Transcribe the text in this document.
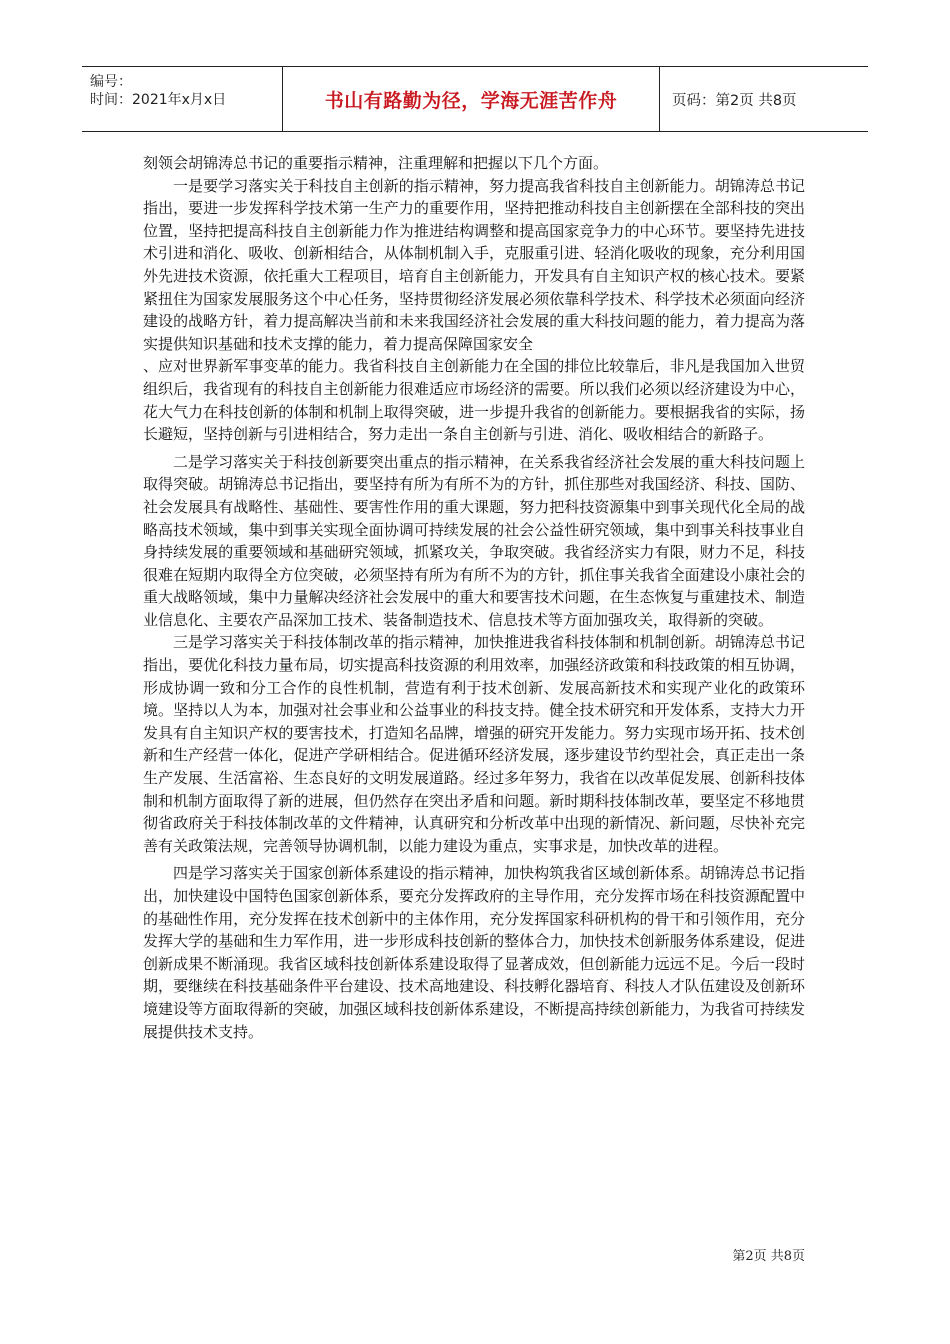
编号：
时间：2021年x月x日	书山有路勤为径，学海无涯苦作舟	页码：第2页 共8页

刻领会胡锦涛总书记的重要指示精神，注重理解和把握以下几个方面。

一是要学习落实关于科技自主创新的指示精神，努力提高我省科技自主创新能力。胡锦涛总书记指出，要进一步发挥科学技术第一生产力的重要作用，坚持把推动科技自主创新摆在全部科技的突出位置，坚持把提高科技自主创新能力作为推进结构调整和提高国家竞争力的中心环节。要坚持先进技术引进和消化、吸收、创新相结合，从体制机制入手，克服重引进、轻消化吸收的现象，充分利用国外先进技术资源，依托重大工程项目，培育自主创新能力，开发具有自主知识产权的核心技术。要紧紧扭住为国家发展服务这个中心任务，坚持贯彻经济发展必须依靠科学技术、科学技术必须面向经济建设的战略方针，着力提高解决当前和未来我国经济社会发展的重大科技问题的能力，着力提高为落实提供知识基础和技术支撑的能力，着力提高保障国家安全

、应对世界新军事变革的能力。我省科技自主创新能力在全国的排位比较靠后，非凡是我国加入世贸组织后，我省现有的科技自主创新能力很难适应市场经济的需要。所以我们必须以经济建设为中心，花大气力在科技创新的体制和机制上取得突破，进一步提升我省的创新能力。要根据我省的实际，扬长避短，坚持创新与引进相结合，努力走出一条自主创新与引进、消化、吸收相结合的新路子。

二是学习落实关于科技创新要突出重点的指示精神，在关系我省经济社会发展的重大科技问题上取得突破。胡锦涛总书记指出，要坚持有所为有所不为的方针，抓住那些对我国经济、科技、国防、社会发展具有战略性、基础性、要害性作用的重大课题，努力把科技资源集中到事关现代化全局的战略高技术领域，集中到事关实现全面协调可持续发展的社会公益性研究领域，集中到事关科技事业自身持续发展的重要领域和基础研究领域，抓紧攻关，争取突破。我省经济实力有限，财力不足，科技很难在短期内取得全方位突破，必须坚持有所为有所不为的方针，抓住事关我省全面建设小康社会的重大战略领域，集中力量解决经济社会发展中的重大和要害技术问题，在生态恢复与重建技术、制造业信息化、主要农产品深加工技术、装备制造技术、信息技术等方面加强攻关，取得新的突破。

三是学习落实关于科技体制改革的指示精神，加快推进我省科技体制和机制创新。胡锦涛总书记指出，要优化科技力量布局，切实提高科技资源的利用效率，加强经济政策和科技政策的相互协调，形成协调一致和分工合作的良性机制，营造有利于技术创新、发展高新技术和实现产业化的政策环境。坚持以人为本，加强对社会事业和公益事业的科技支持。健全技术研究和开发体系，支持大力开发具有自主知识产权的要害技术，打造知名品牌，增强的研究开发能力。努力实现市场开拓、技术创新和生产经营一体化，促进产学研相结合。促进循环经济发展，逐步建设节约型社会，真正走出一条生产发展、生活富裕、生态良好的文明发展道路。经过多年努力，我省在以改革促发展、创新科技体制和机制方面取得了新的进展，但仍然存在突出矛盾和问题。新时期科技体制改革，要坚定不移地贯彻省政府关于科技体制改革的文件精神，认真研究和分析改革中出现的新情况、新问题，尽快补充完善有关政策法规，完善领导协调机制，以能力建设为重点，实事求是，加快改革的进程。

四是学习落实关于国家创新体系建设的指示精神，加快构筑我省区域创新体系。胡锦涛总书记指出，加快建设中国特色国家创新体系，要充分发挥政府的主导作用，充分发挥市场在科技资源配置中的基础性作用，充分发挥在技术创新中的主体作用，充分发挥国家科研机构的骨干和引领作用，充分发挥大学的基础和生力军作用，进一步形成科技创新的整体合力，加快技术创新服务体系建设，促进创新成果不断涌现。我省区域科技创新体系建设取得了显著成效，但创新能力远远不足。今后一段时期，要继续在科技基础条件平台建设、技术高地建设、科技孵化器培育、科技人才队伍建设及创新环境建设等方面取得新的突破，加强区域科技创新体系建设，不断提高持续创新能力，为我省可持续发展提供技术支持。

第2页 共8页
